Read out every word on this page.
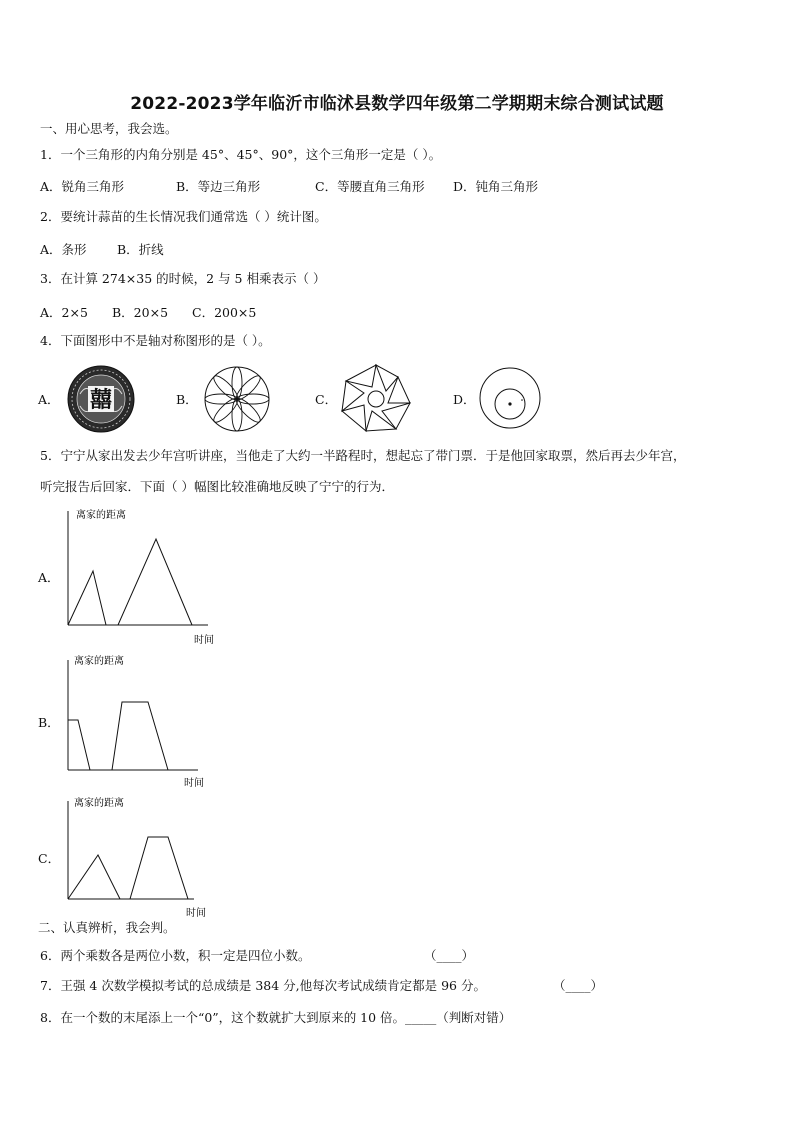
2022-2023学年临沂市临沭县数学四年级第二学期期末综合测试试题
一、用心思考，我会选。
1．一个三角形的内角分别是 45°、45°、90°，这个三角形一定是（ ）。
A．锐角三角形	B．等边三角形	C．等腰直角三角形 D．钝角三角形
2．要统计蒜苗的生长情况我们通常选（ ）统计图。
A．条形 B．折线
3．在计算 274×35 的时候，2 与 5 相乘表示（ ）
A．2×5 B．20×5 C．200×5
4．下面图形中不是轴对称图形的是（ ）。
A．	B．	C．	D．
囍
5．宁宁从家出发去少年宫听讲座，当他走了大约一半路程时，想起忘了带门票．于是他回家取票，然后再去少年宫，
听完报告后回家．下面（ ）幅图比较准确地反映了宁宁的行为．
A．
B．
C．
离家的距离
时间
离家的距离
时间
离家的距离
时间
二、认真辨析，我会判。
6．两个乘数各是两位小数，积一定是四位小数。	（____）
7．王强 4 次数学模拟考试的总成绩是 384 分,他每次考试成绩肯定都是 96 分。	（____）
8．在一个数的末尾添上一个“0”，这个数就扩大到原来的 10 倍。_____（判断对错）
